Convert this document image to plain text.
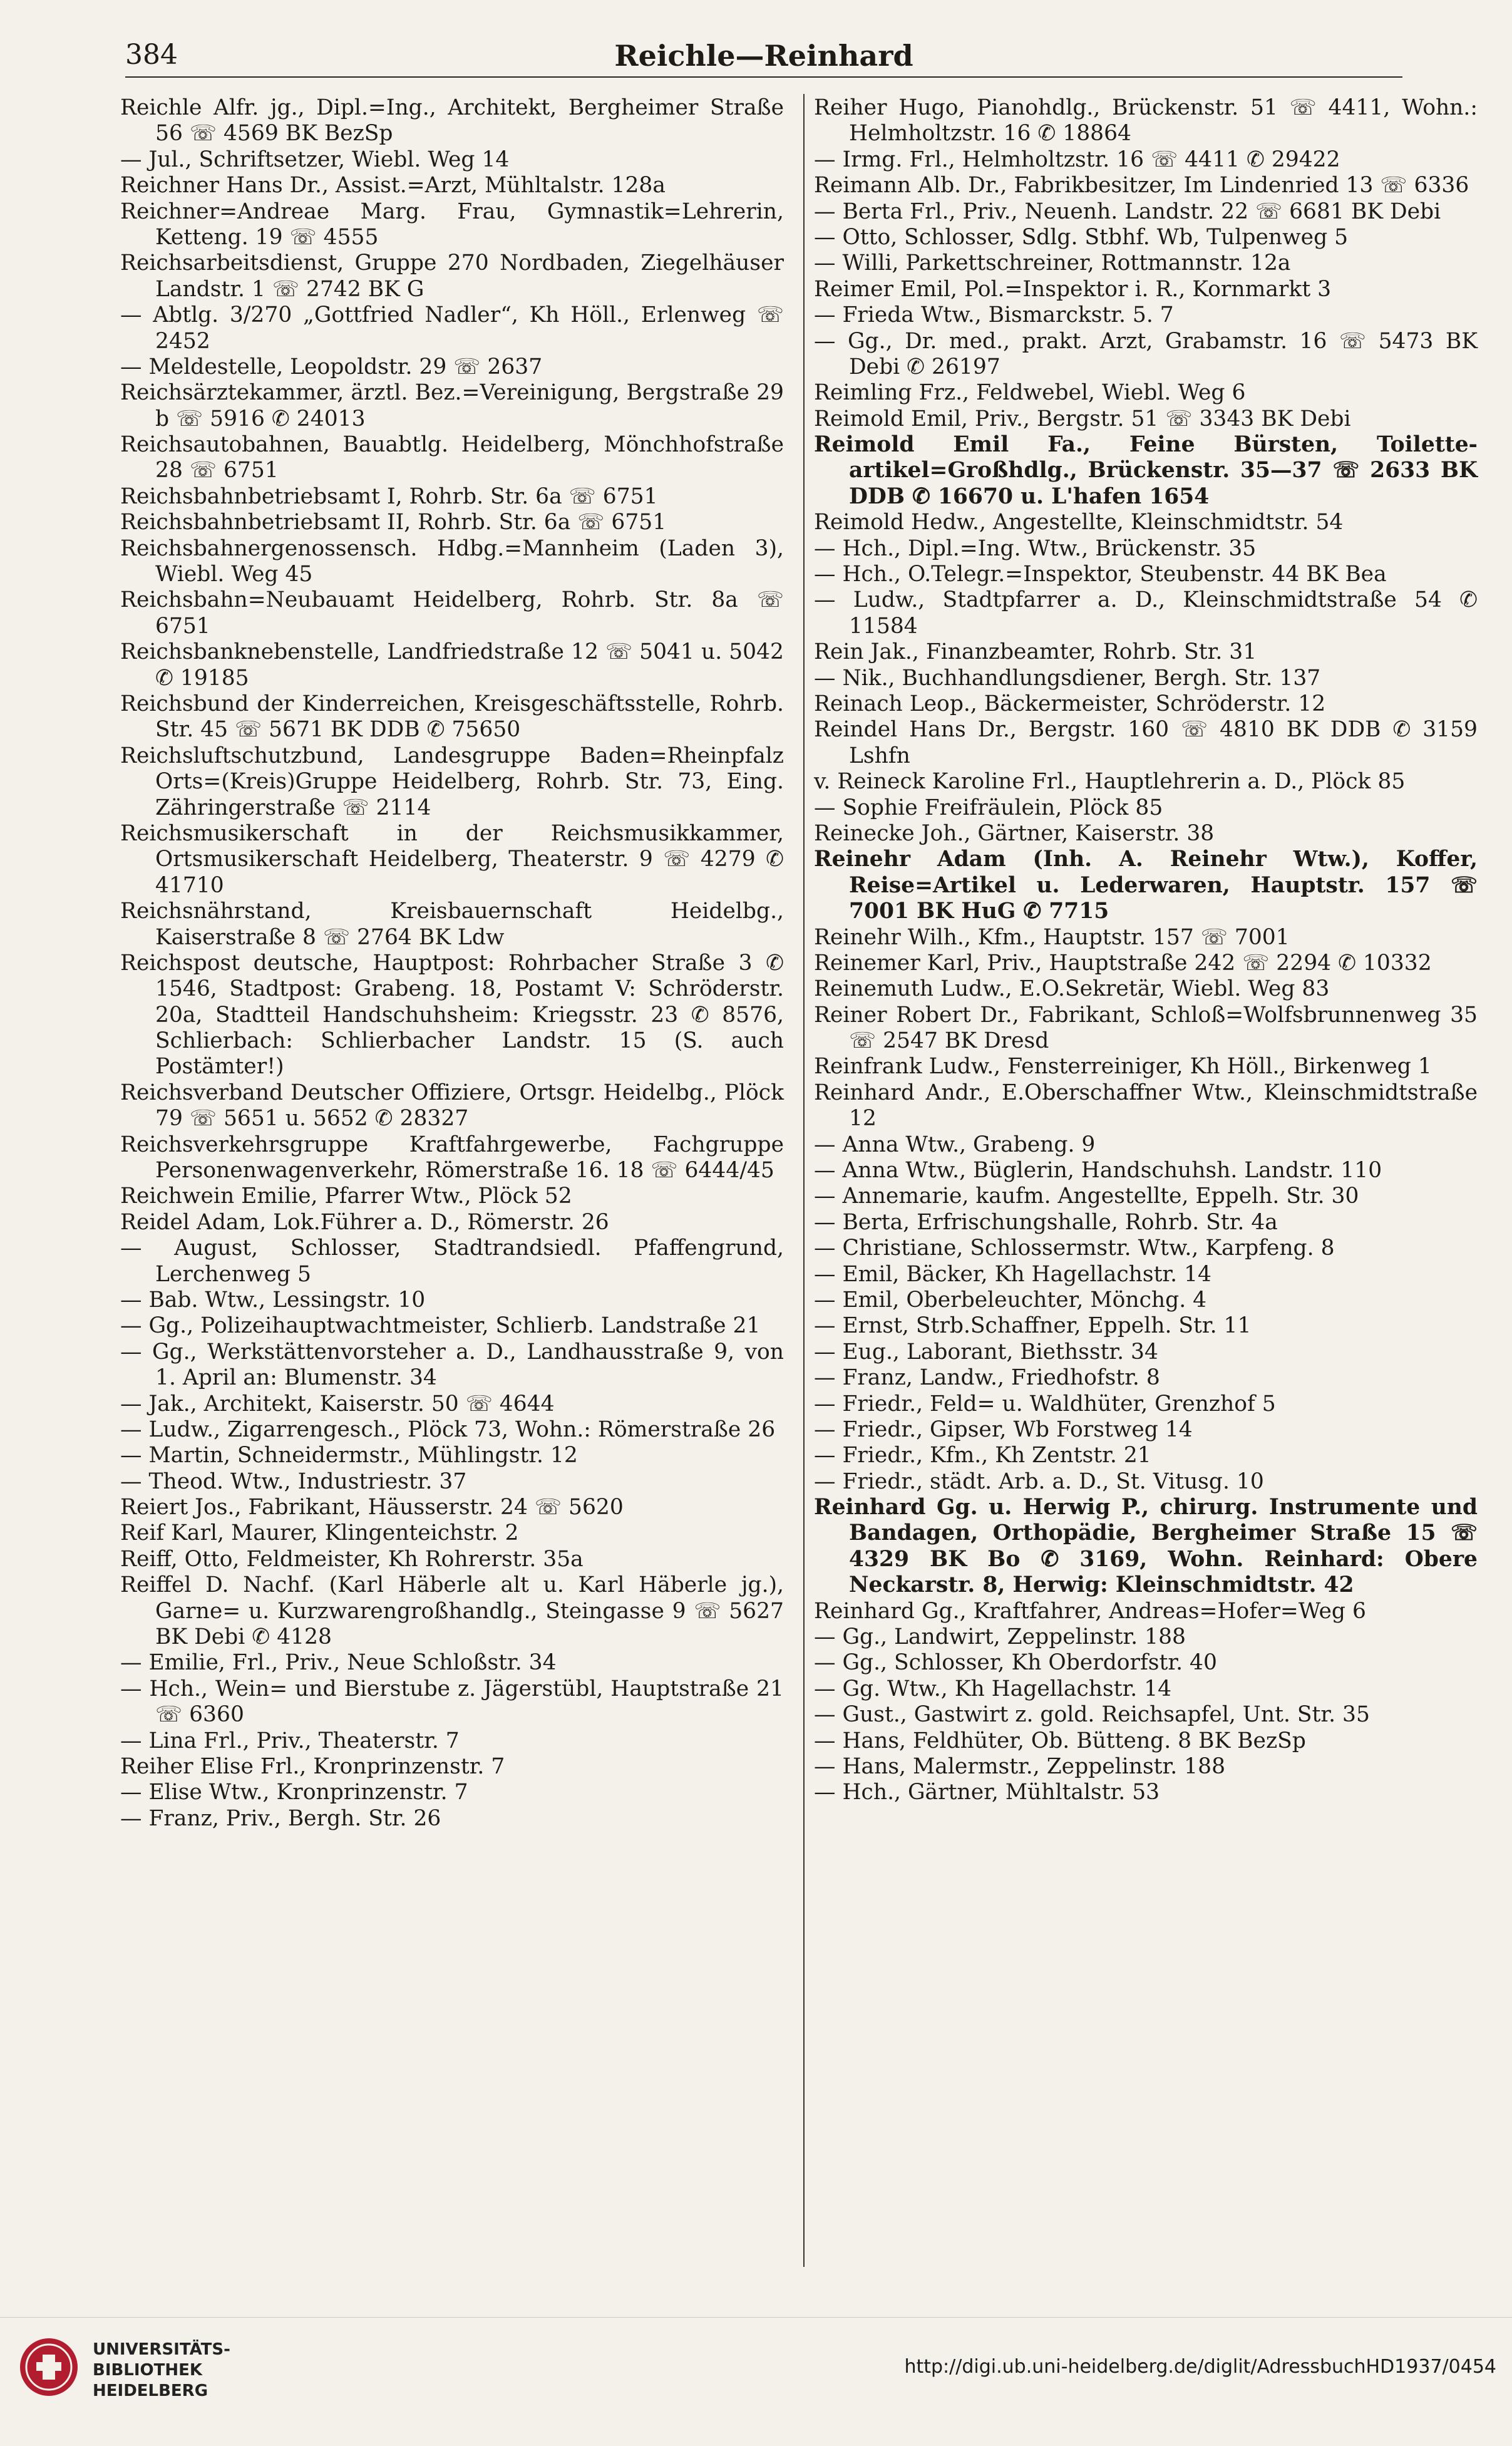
384	Reichle—Reinhard

Reichle Alfr. jg., Dipl.=Ing., Architekt, Bergheimer Straße 56 ☏ 4569 BK BezSp

— Jul., Schriftsetzer, Wiebl. Weg 14

Reichner Hans Dr., Assist.=Arzt, Mühltalstr. 128a

Reichner=Andreae Marg. Frau, Gymnastik=Lehrerin, Ketteng. 19 ☏ 4555

Reichsarbeitsdienst, Gruppe 270 Nordbaden, Ziegelhäuser Landstr. 1 ☏ 2742 BK G

— Abtlg. 3/270 „Gottfried Nadler“, Kh Höll., Erlenweg ☏ 2452

— Meldestelle, Leopoldstr. 29 ☏ 2637

Reichsärztekammer, ärztl. Bez.=Vereinigung, Bergstraße 29 b ☏ 5916 ✆ 24013

Reichsautobahnen, Bauabtlg. Heidelberg, Mönchhofstraße 28 ☏ 6751

Reichsbahnbetriebsamt I, Rohrb. Str. 6a ☏ 6751

Reichsbahnbetriebsamt II, Rohrb. Str. 6a ☏ 6751

Reichsbahnergenossensch. Hdbg.=Mannheim (Laden 3), Wiebl. Weg 45

Reichsbahn=Neubauamt Heidelberg, Rohrb. Str. 8a ☏ 6751

Reichsbanknebenstelle, Landfriedstraße 12 ☏ 5041 u. 5042 ✆ 19185

Reichsbund der Kinderreichen, Kreisgeschäftsstelle, Rohrb. Str. 45 ☏ 5671 BK DDB ✆ 75650

Reichsluftschutzbund, Landesgruppe Baden=Rheinpfalz Orts=(Kreis)Gruppe Heidelberg, Rohrb. Str. 73, Eing. Zähringerstraße ☏ 2114

Reichsmusikerschaft in der Reichsmusikkammer, Ortsmusikerschaft Heidelberg, Theaterstr. 9 ☏ 4279 ✆ 41710

Reichsnährstand, Kreisbauernschaft Heidelbg., Kaiserstraße 8 ☏ 2764 BK Ldw

Reichspost deutsche, Hauptpost: Rohrbacher Straße 3 ✆ 1546, Stadtpost: Grabeng. 18, Postamt V: Schröderstr. 20a, Stadtteil Handschuhsheim: Kriegsstr. 23 ✆ 8576, Schlierbach: Schlierbacher Landstr. 15 (S. auch Postämter!)

Reichsverband Deutscher Offiziere, Ortsgr. Heidelbg., Plöck 79 ☏ 5651 u. 5652 ✆ 28327

Reichsverkehrsgruppe Kraftfahrgewerbe, Fachgruppe Personenwagenverkehr, Römerstraße 16. 18 ☏ 6444/45

Reichwein Emilie, Pfarrer Wtw., Plöck 52

Reidel Adam, Lok.Führer a. D., Römerstr. 26

— August, Schlosser, Stadtrandsiedl. Pfaffengrund, Lerchenweg 5

— Bab. Wtw., Lessingstr. 10

— Gg., Polizeihauptwachtmeister, Schlierb. Landstraße 21

— Gg., Werkstättenvorsteher a. D., Landhausstraße 9, von 1. April an: Blumenstr. 34

— Jak., Architekt, Kaiserstr. 50 ☏ 4644

— Ludw., Zigarrengesch., Plöck 73, Wohn.: Römerstraße 26

— Martin, Schneidermstr., Mühlingstr. 12

— Theod. Wtw., Industriestr. 37

Reiert Jos., Fabrikant, Häusserstr. 24 ☏ 5620

Reif Karl, Maurer, Klingenteichstr. 2

Reiff, Otto, Feldmeister, Kh Rohrerstr. 35a

Reiffel D. Nachf. (Karl Häberle alt u. Karl Häberle jg.), Garne= u. Kurzwarengroßhandlg., Steingasse 9 ☏ 5627 BK Debi ✆ 4128

— Emilie, Frl., Priv., Neue Schloßstr. 34

— Hch., Wein= und Bierstube z. Jägerstübl, Hauptstraße 21 ☏ 6360

— Lina Frl., Priv., Theaterstr. 7

Reiher Elise Frl., Kronprinzenstr. 7

— Elise Wtw., Kronprinzenstr. 7

— Franz, Priv., Bergh. Str. 26

Reiher Hugo, Pianohdlg., Brückenstr. 51 ☏ 4411, Wohn.: Helmholtzstr. 16 ✆ 18864

— Irmg. Frl., Helmholtzstr. 16 ☏ 4411 ✆ 29422

Reimann Alb. Dr., Fabrikbesitzer, Im Lindenried 13 ☏ 6336

— Berta Frl., Priv., Neuenh. Landstr. 22 ☏ 6681 BK Debi

— Otto, Schlosser, Sdlg. Stbhf. Wb, Tulpenweg 5

— Willi, Parkettschreiner, Rottmannstr. 12a

Reimer Emil, Pol.=Inspektor i. R., Kornmarkt 3

— Frieda Wtw., Bismarckstr. 5. 7

— Gg., Dr. med., prakt. Arzt, Grabamstr. 16 ☏ 5473 BK Debi ✆ 26197

Reimling Frz., Feldwebel, Wiebl. Weg 6

Reimold Emil, Priv., Bergstr. 51 ☏ 3343 BK Debi

Reimold Emil Fa., Feine Bürsten, Toiletteartikel=Großhdlg., Brückenstr. 35—37 ☏ 2633 BK DDB ✆ 16670 u. L'hafen 1654

Reimold Hedw., Angestellte, Kleinschmidtstr. 54

— Hch., Dipl.=Ing. Wtw., Brückenstr. 35

— Hch., O.Telegr.=Inspektor, Steubenstr. 44 BK Bea

— Ludw., Stadtpfarrer a. D., Kleinschmidtstraße 54 ✆ 11584

Rein Jak., Finanzbeamter, Rohrb. Str. 31

— Nik., Buchhandlungsdiener, Bergh. Str. 137

Reinach Leop., Bäckermeister, Schröderstr. 12

Reindel Hans Dr., Bergstr. 160 ☏ 4810 BK DDB ✆ 3159 Lshfn

v. Reineck Karoline Frl., Hauptlehrerin a. D., Plöck 85

— Sophie Freifräulein, Plöck 85

Reinecke Joh., Gärtner, Kaiserstr. 38

Reinehr Adam (Inh. A. Reinehr Wtw.), Koffer, Reise=Artikel u. Lederwaren, Hauptstr. 157 ☏ 7001 BK HuG ✆ 7715

Reinehr Wilh., Kfm., Hauptstr. 157 ☏ 7001

Reinemer Karl, Priv., Hauptstraße 242 ☏ 2294 ✆ 10332

Reinemuth Ludw., E.O.Sekretär, Wiebl. Weg 83

Reiner Robert Dr., Fabrikant, Schloß=Wolfsbrunnenweg 35 ☏ 2547 BK Dresd

Reinfrank Ludw., Fensterreiniger, Kh Höll., Birkenweg 1

Reinhard Andr., E.Oberschaffner Wtw., Kleinschmidtstraße 12

— Anna Wtw., Grabeng. 9

— Anna Wtw., Büglerin, Handschuhsh. Landstr. 110

— Annemarie, kaufm. Angestellte, Eppelh. Str. 30

— Berta, Erfrischungshalle, Rohrb. Str. 4a

— Christiane, Schlossermstr. Wtw., Karpfeng. 8

— Emil, Bäcker, Kh Hagellachstr. 14

— Emil, Oberbeleuchter, Mönchg. 4

— Ernst, Strb.Schaffner, Eppelh. Str. 11

— Eug., Laborant, Biethsstr. 34

— Franz, Landw., Friedhofstr. 8

— Friedr., Feld= u. Waldhüter, Grenzhof 5

— Friedr., Gipser, Wb Forstweg 14

— Friedr., Kfm., Kh Zentstr. 21

— Friedr., städt. Arb. a. D., St. Vitusg. 10

Reinhard Gg. u. Herwig P., chirurg. Instrumente und Bandagen, Orthopädie, Bergheimer Straße 15 ☏ 4329 BK Bo ✆ 3169, Wohn. Reinhard: Obere Neckarstr. 8, Herwig: Kleinschmidtstr. 42

Reinhard Gg., Kraftfahrer, Andreas=Hofer=Weg 6

— Gg., Landwirt, Zeppelinstr. 188

— Gg., Schlosser, Kh Oberdorfstr. 40

— Gg. Wtw., Kh Hagellachstr. 14

— Gust., Gastwirt z. gold. Reichsapfel, Unt. Str. 35

— Hans, Feldhüter, Ob. Bütteng. 8 BK BezSp

— Hans, Malermstr., Zeppelinstr. 188

— Hch., Gärtner, Mühltalstr. 53

UNIVERSITÄTS-
BIBLIOTHEK
HEIDELBERG
http://digi.ub.uni-heidelberg.de/diglit/AdressbuchHD1937/0454
